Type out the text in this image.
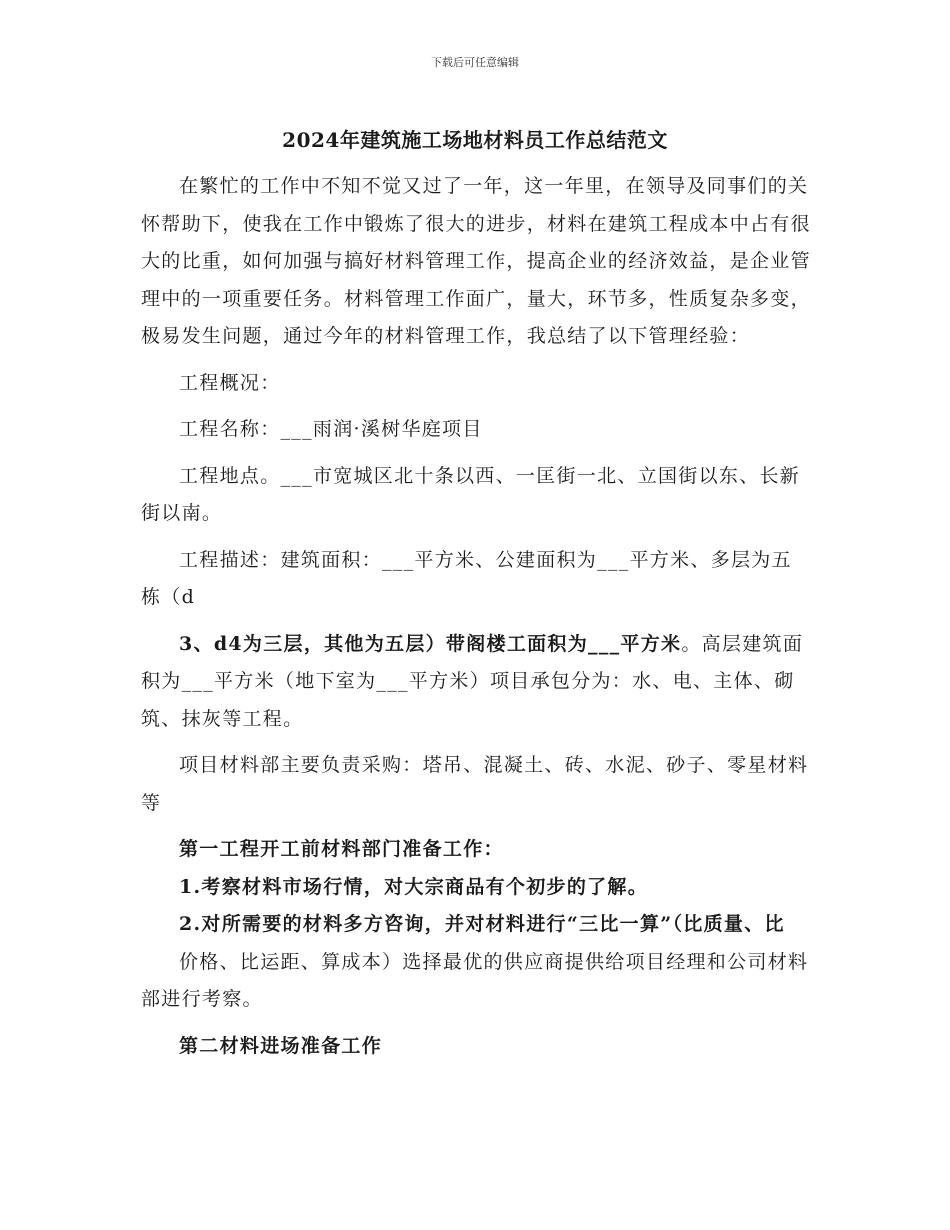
下载后可任意编辑
2024年建筑施工场地材料员工作总结范文

在繁忙的工作中不知不觉又过了一年，这一年里，在领导及同事们的关怀帮助下，使我在工作中锻炼了很大的进步，材料在建筑工程成本中占有很大的比重，如何加强与搞好材料管理工作，提高企业的经济效益，是企业管理中的一项重要任务。材料管理工作面广，量大，环节多，性质复杂多变，极易发生问题，通过今年的材料管理工作，我总结了以下管理经验：

工程概况：

工程名称：___雨润·溪树华庭项目

工程地点。___市宽城区北十条以西、一匡街一北、立国街以东、长新街以南。

工程描述：建筑面积：___平方米、公建面积为___平方米、多层为五栋（d

3、d4为三层，其他为五层）带阁楼工面积为___平方米。高层建筑面积为___平方米（地下室为___平方米）项目承包分为：水、电、主体、砌筑、抹灰等工程。

项目材料部主要负责采购：塔吊、混凝土、砖、水泥、砂子、零星材料等

第一工程开工前材料部门准备工作：

1.考察材料市场行情，对大宗商品有个初步的了解。

2.对所需要的材料多方咨询，并对材料进行“三比一算”（比质量、比

价格、比运距、算成本）选择最优的供应商提供给项目经理和公司材料部进行考察。

第二材料进场准备工作
